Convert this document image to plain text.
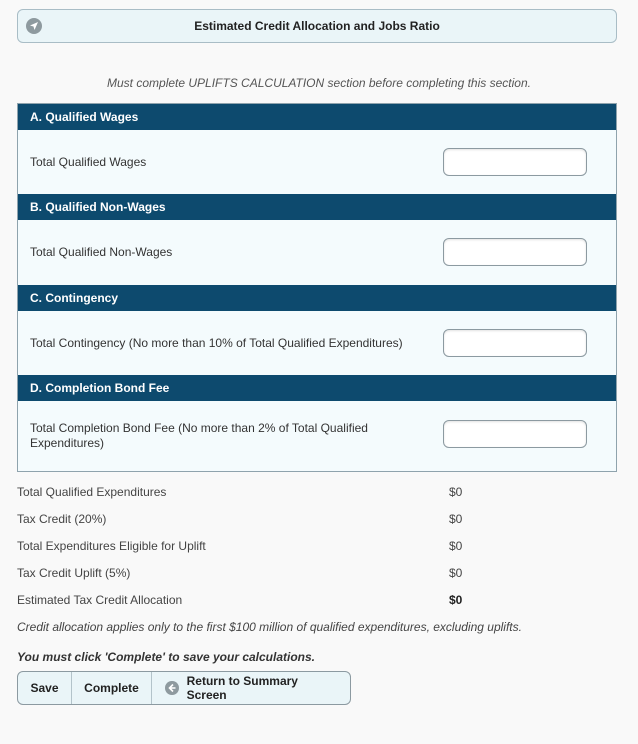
Estimated Credit Allocation and Jobs Ratio
Must complete UPLIFTS CALCULATION section before completing this section.
A. Qualified Wages
Total Qualified Wages
B. Qualified Non-Wages
Total Qualified Non-Wages
C. Contingency
Total Contingency (No more than 10% of Total Qualified Expenditures)
D. Completion Bond Fee
Total Completion Bond Fee (No more than 2% of Total Qualified Expenditures)
Total Qualified Expenditures	$0
Tax Credit (20%)	$0
Total Expenditures Eligible for Uplift	$0
Tax Credit Uplift (5%)	$0
Estimated Tax Credit Allocation	$0
Credit allocation applies only to the first $100 million of qualified expenditures, excluding uplifts.
You must click 'Complete' to save your calculations.
Save	Complete	Return to Summary Screen
